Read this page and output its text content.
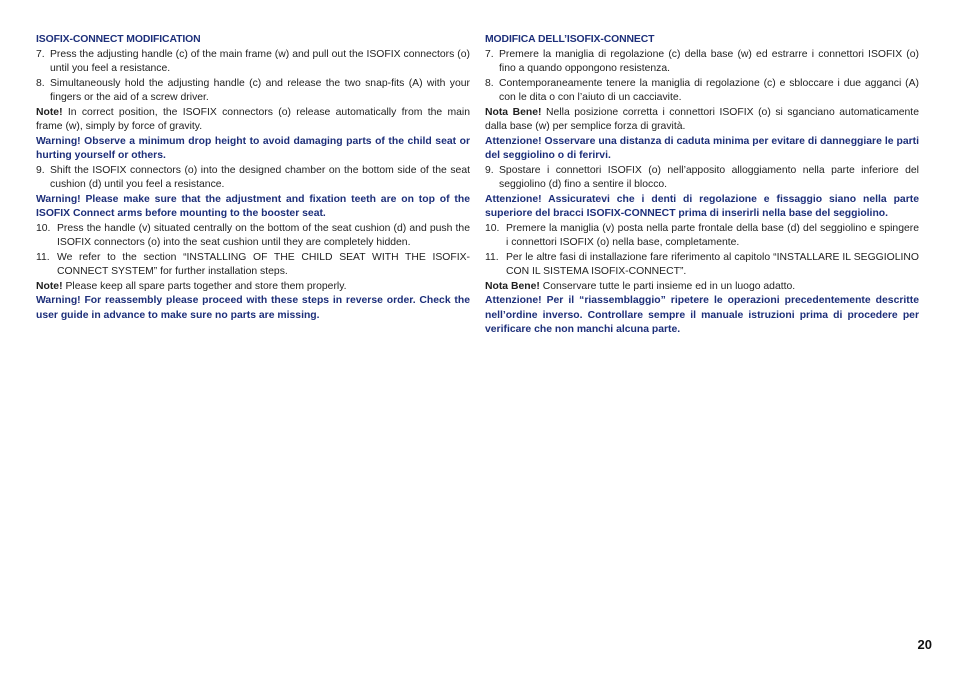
ISOFIX-CONNECT MODIFICATION
7. Press the adjusting handle (c) of the main frame (w) and pull out the ISOFIX connectors (o) until you feel a resistance.
8. Simultaneously hold the adjusting handle (c) and release the two snap-fits (A) with your fingers or the aid of a screw driver.
Note! In correct position, the ISOFIX connectors (o) release automatically from the main frame (w), simply by force of gravity.
Warning! Observe a minimum drop height to avoid damaging parts of the child seat or hurting yourself or others.
9. Shift the ISOFIX connectors (o) into the designed chamber on the bottom side of the seat cushion (d) until you feel a resistance.
Warning! Please make sure that the adjustment and fixation teeth are on top of the ISOFIX Connect arms before mounting to the booster seat.
10. Press the handle (v) situated centrally on the bottom of the seat cushion (d) and push the ISOFIX connectors (o) into the seat cushion until they are completely hidden.
11. We refer to the section “INSTALLING OF THE CHILD SEAT WITH THE ISOFIX-CONNECT SYSTEM” for further installation steps.
Note! Please keep all spare parts together and store them properly.
Warning! For reassembly please proceed with these steps in reverse order. Check the user guide in advance to make sure no parts are missing.
MODIFICA DELL’ISOFIX-CONNECT
7. Premere la maniglia di regolazione (c) della base (w) ed estrarre i connettori ISOFIX (o) fino a quando oppongono resistenza.
8. Contemporaneamente tenere la maniglia di regolazione (c) e sbloccare i due agganci (A) con le dita o con l’aiuto di un cacciavite.
Nota Bene! Nella posizione corretta i connettori ISOFIX (o) si sganciano automaticamente dalla base (w) per semplice forza di gravità.
Attenzione! Osservare una distanza di caduta minima per evitare di danneggiare le parti del seggiolino o di ferirvi.
9. Spostare i connettori ISOFIX (o) nell’apposito alloggiamento nella parte inferiore del seggiolino (d) fino a sentire il blocco.
Attenzione! Assicuratevi che i denti di regolazione e fissaggio siano nella parte superiore del bracci ISOFIX-CONNECT prima di inserirli nella base del seggiolino.
10. Premere la maniglia (v) posta nella parte frontale della base (d) del seggiolino e spingere i connettori ISOFIX (o) nella base, completamente.
11. Per le altre fasi di installazione fare riferimento al capitolo “INSTALLARE IL SEGGIOLINO CON IL SISTEMA ISOFIX-CONNECT”.
Nota Bene! Conservare tutte le parti insieme ed in un luogo adatto.
Attenzione! Per il “riassemblaggio” ripetere le operazioni precedentemente descritte nell’ordine inverso. Controllare sempre il manuale istruzioni prima di procedere per verificare che non manchi alcuna parte.
20
